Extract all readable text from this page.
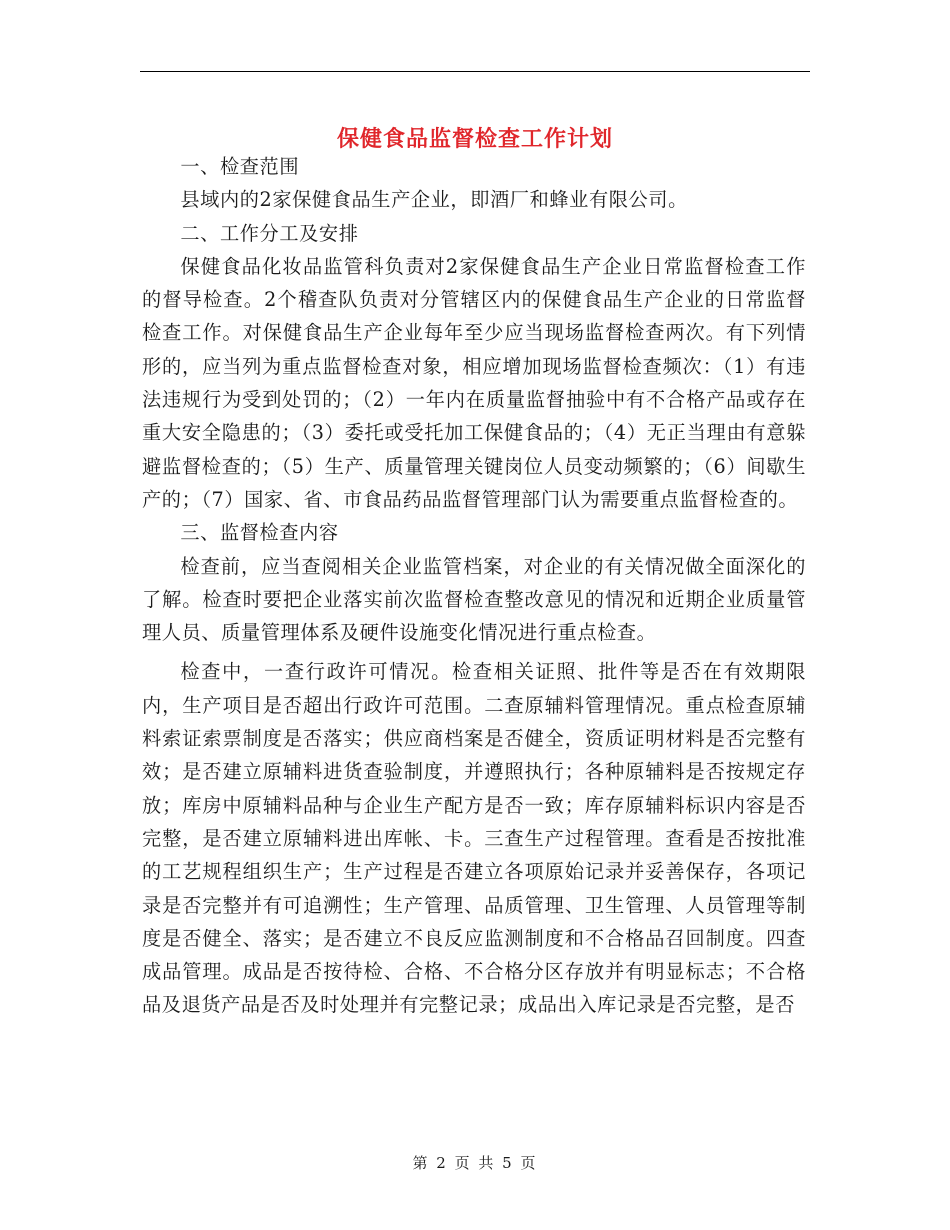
保健食品监督检查工作计划

一、检查范围

县域内的2家保健食品生产企业，即酒厂和蜂业有限公司。

二、工作分工及安排

保健食品化妆品监管科负责对2家保健食品生产企业日常监督检查工作的督导检查。2个稽查队负责对分管辖区内的保健食品生产企业的日常监督检查工作。对保健食品生产企业每年至少应当现场监督检查两次。有下列情形的，应当列为重点监督检查对象，相应增加现场监督检查频次：（1）有违法违规行为受到处罚的；（2）一年内在质量监督抽验中有不合格产品或存在重大安全隐患的；（3）委托或受托加工保健食品的；（4）无正当理由有意躲避监督检查的；（5）生产、质量管理关键岗位人员变动频繁的；（6）间歇生产的；（7）国家、省、市食品药品监督管理部门认为需要重点监督检查的。

三、监督检查内容

检查前，应当查阅相关企业监管档案，对企业的有关情况做全面深化的了解。检查时要把企业落实前次监督检查整改意见的情况和近期企业质量管理人员、质量管理体系及硬件设施变化情况进行重点检查。

检查中，一查行政许可情况。检查相关证照、批件等是否在有效期限内，生产项目是否超出行政许可范围。二查原辅料管理情况。重点检查原辅料索证索票制度是否落实；供应商档案是否健全，资质证明材料是否完整有效；是否建立原辅料进货查验制度，并遵照执行；各种原辅料是否按规定存放；库房中原辅料品种与企业生产配方是否一致；库存原辅料标识内容是否完整，是否建立原辅料进出库帐、卡。三查生产过程管理。查看是否按批准的工艺规程组织生产；生产过程是否建立各项原始记录并妥善保存，各项记录是否完整并有可追溯性；生产管理、品质管理、卫生管理、人员管理等制度是否健全、落实；是否建立不良反应监测制度和不合格品召回制度。四查成品管理。成品是否按待检、合格、不合格分区存放并有明显标志；不合格品及退货产品是否及时处理并有完整记录；成品出入库记录是否完整，是否

第 2 页 共 5 页
